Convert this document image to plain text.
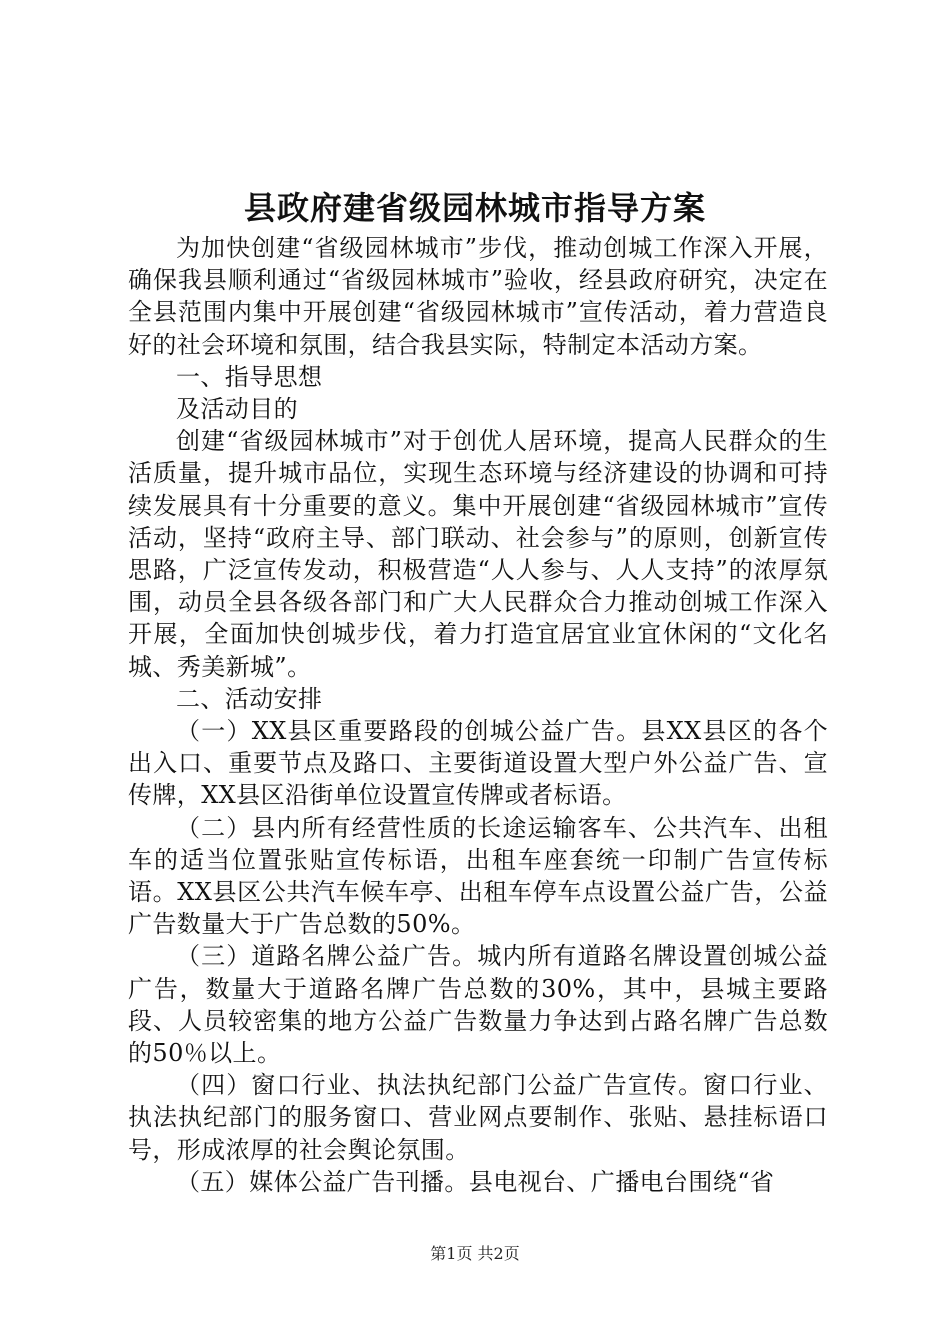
县政府建省级园林城市指导方案

为加快创建“省级园林城市”步伐，推动创城工作深入开展，确保我县顺利通过“省级园林城市”验收，经县政府研究，决定在全县范围内集中开展创建“省级园林城市”宣传活动，着力营造良好的社会环境和氛围，结合我县实际，特制定本活动方案。

一、指导思想

及活动目的

创建“省级园林城市”对于创优人居环境，提高人民群众的生活质量，提升城市品位，实现生态环境与经济建设的协调和可持续发展具有十分重要的意义。集中开展创建“省级园林城市”宣传活动，坚持“政府主导、部门联动、社会参与”的原则，创新宣传思路，广泛宣传发动，积极营造“人人参与、人人支持”的浓厚氛围，动员全县各级各部门和广大人民群众合力推动创城工作深入开展，全面加快创城步伐，着力打造宜居宜业宜休闲的“文化名城、秀美新城”。

二、活动安排

（一）XX县区重要路段的创城公益广告。县XX县区的各个出入口、重要节点及路口、主要街道设置大型户外公益广告、宣传牌，XX县区沿街单位设置宣传牌或者标语。

（二）县内所有经营性质的长途运输客车、公共汽车、出租车的适当位置张贴宣传标语，出租车座套统一印制广告宣传标语。XX县区公共汽车候车亭、出租车停车点设置公益广告，公益广告数量大于广告总数的50%。

（三）道路名牌公益广告。城内所有道路名牌设置创城公益广告，数量大于道路名牌广告总数的30%，其中，县城主要路段、人员较密集的地方公益广告数量力争达到占路名牌广告总数的50％以上。

（四）窗口行业、执法执纪部门公益广告宣传。窗口行业、执法执纪部门的服务窗口、营业网点要制作、张贴、悬挂标语口号，形成浓厚的社会舆论氛围。

（五）媒体公益广告刊播。县电视台、广播电台围绕“省

第1页 共2页
